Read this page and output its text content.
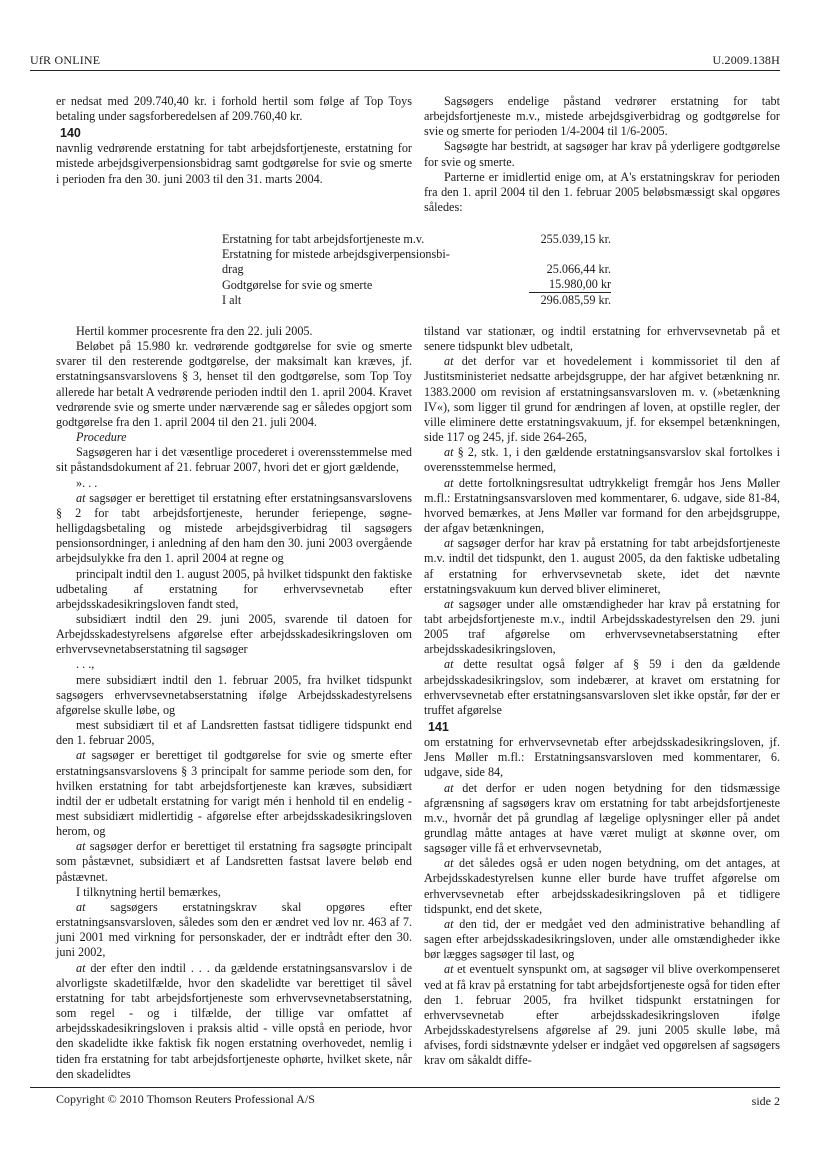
UfR ONLINE	U.2009.138H

er nedsat med 209.740,40 kr. i forhold hertil som følge af Top Toys betaling under sagsforberedelsen af 209.760,40 kr.

140

navnlig vedrørende erstatning for tabt arbejdsfortjeneste, erstatning for mistede arbejdsgiverpensionsbidrag samt godtgørelse for svie og smerte i perioden fra den 30. juni 2003 til den 31. marts 2004.

Sagsøgers endelige påstand vedrører erstatning for tabt arbejdsfortjeneste m.v., mistede arbejdsgiverbidrag og godtgørelse for svie og smerte for perioden 1/4-2004 til 1/6-2005.

Sagsøgte har bestridt, at sagsøger har krav på yderligere godtgørelse for svie og smerte.

Parterne er imidlertid enige om, at A's erstatningskrav for perioden fra den 1. april 2004 til den 1. februar 2005 beløbsmæssigt skal opgøres således:

Erstatning for tabt arbejdsfortjeneste m.v.	255.039,15 kr.
Erstatning for mistede arbejdsgiverpensionsbi-
drag	25.066,44 kr.
Godtgørelse for svie og smerte	15.980,00 kr
I alt	296.085,59 kr.

Hertil kommer procesrente fra den 22. juli 2005.

Beløbet på 15.980 kr. vedrørende godtgørelse for svie og smerte svarer til den resterende godtgørelse, der maksimalt kan kræves, jf. erstatningsansvarslovens § 3, henset til den godtgørelse, som Top Toy allerede har betalt A vedrørende perioden indtil den 1. april 2004. Kravet vedrørende svie og smerte under nærværende sag er således opgjort som godtgørelse fra den 1. april 2004 til den 21. juli 2004.

Procedure

Sagsøgeren har i det væsentlige procederet i overensstemmelse med sit påstandsdokument af 21. februar 2007, hvori det er gjort gældende,

». . .

at sagsøger er berettiget til erstatning efter erstatningsansvarslovens § 2 for tabt arbejdsfortjeneste, herunder feriepenge, søgne- helligdagsbetaling og mistede arbejdsgiverbidrag til sagsøgers pensionsordninger, i anledning af den ham den 30. juni 2003 overgående arbejdsulykke fra den 1. april 2004 at regne og

principalt indtil den 1. august 2005, på hvilket tidspunkt den faktiske udbetaling af erstatning for erhvervsevnetab efter arbejdsskadesikringsloven fandt sted,

subsidiært indtil den 29. juni 2005, svarende til datoen for Arbejdsskadestyrelsens afgørelse efter arbejdsskadesikringsloven om erhvervsevnetabserstatning til sagsøger

. . .,

mere subsidiært indtil den 1. februar 2005, fra hvilket tidspunkt sagsøgers erhvervsevnetabserstatning ifølge Arbejdsskadestyrelsens afgørelse skulle løbe, og

mest subsidiært til et af Landsretten fastsat tidligere tidspunkt end den 1. februar 2005,

at sagsøger er berettiget til godtgørelse for svie og smerte efter erstatningsansvarslovens § 3 principalt for samme periode som den, for hvilken erstatning for tabt arbejdsfortjeneste kan kræves, subsidiært indtil der er udbetalt erstatning for varigt mén i henhold til en endelig - mest subsidiært midlertidig - afgørelse efter arbejdsskadesikringsloven herom, og

at sagsøger derfor er berettiget til erstatning fra sagsøgte principalt som påstævnet, subsidiært et af Landsretten fastsat lavere beløb end påstævnet.

I tilknytning hertil bemærkes,

at sagsøgers erstatningskrav skal opgøres efter erstatningsansvarsloven, således som den er ændret ved lov nr. 463 af 7. juni 2001 med virkning for personskader, der er indtrådt efter den 30. juni 2002,

at der efter den indtil . . . da gældende erstatningsansvarslov i de alvorligste skadetilfælde, hvor den skadelidte var berettiget til såvel erstatning for tabt arbejdsfortjeneste som erhvervsevnetabserstatning, som regel - og i tilfælde, der tillige var omfattet af arbejdsskadesikringsloven i praksis altid - ville opstå en periode, hvor den skadelidte ikke faktisk fik nogen erstatning overhovedet, nemlig i tiden fra erstatning for tabt arbejdsfortjeneste ophørte, hvilket skete, når den skadelidtes

tilstand var stationær, og indtil erstatning for erhvervsevnetab på et senere tidspunkt blev udbetalt,

at det derfor var et hovedelement i kommissoriet til den af Justitsministeriet nedsatte arbejdsgruppe, der har afgivet betænkning nr. 1383.2000 om revision af erstatningsansvarsloven m. v. (»betænkning IV«), som ligger til grund for ændringen af loven, at opstille regler, der ville eliminere dette erstatningsvakuum, jf. for eksempel betænkningen, side 117 og 245, jf. side 264-265,

at § 2, stk. 1, i den gældende erstatningsansvarslov skal fortolkes i overensstemmelse hermed,

at dette fortolkningsresultat udtrykkeligt fremgår hos Jens Møller m.fl.: Erstatningsansvarsloven med kommentarer, 6. udgave, side 81-84, hvorved bemærkes, at Jens Møller var formand for den arbejdsgruppe, der afgav betænkningen,

at sagsøger derfor har krav på erstatning for tabt arbejdsfortjeneste m.v. indtil det tidspunkt, den 1. august 2005, da den faktiske udbetaling af erstatning for erhvervsevnetab skete, idet det nævnte erstatningsvakuum kun derved bliver elimineret,

at sagsøger under alle omstændigheder har krav på erstatning for tabt arbejdsfortjeneste m.v., indtil Arbejdsskadestyrelsen den 29. juni 2005 traf afgørelse om erhvervsevnetabserstatning efter arbejdsskadesikringsloven,

at dette resultat også følger af § 59 i den da gældende arbejdsskadesikringslov, som indebærer, at kravet om erstatning for erhvervsevnetab efter erstatningsansvarsloven slet ikke opstår, før der er truffet afgørelse

141

om erstatning for erhvervsevnetab efter arbejdsskadesikringsloven, jf. Jens Møller m.fl.: Erstatningsansvarsloven med kommentarer, 6. udgave, side 84,

at det derfor er uden nogen betydning for den tidsmæssige afgrænsning af sagsøgers krav om erstatning for tabt arbejdsfortjeneste m.v., hvornår det på grundlag af lægelige oplysninger eller på andet grundlag måtte antages at have været muligt at skønne over, om sagsøger ville få et erhvervsevnetab,

at det således også er uden nogen betydning, om det antages, at Arbejdsskadestyrelsen kunne eller burde have truffet afgørelse om erhvervsevnetab efter arbejdsskadesikringsloven på et tidligere tidspunkt, end det skete,

at den tid, der er medgået ved den administrative behandling af sagen efter arbejdsskadesikringsloven, under alle omstændigheder ikke bør lægges sagsøger til last, og

at et eventuelt synspunkt om, at sagsøger vil blive overkompenseret ved at få krav på erstatning for tabt arbejdsfortjeneste også for tiden efter den 1. februar 2005, fra hvilket tidspunkt erstatningen for erhvervsevnetab efter arbejdsskadesikringsloven ifølge Arbejdsskadestyrelsens afgørelse af 29. juni 2005 skulle løbe, må afvises, fordi sidstnævnte ydelser er indgået ved opgørelsen af sagsøgers krav om såkaldt diffe-

Copyright © 2010 Thomson Reuters Professional A/S	side 2
